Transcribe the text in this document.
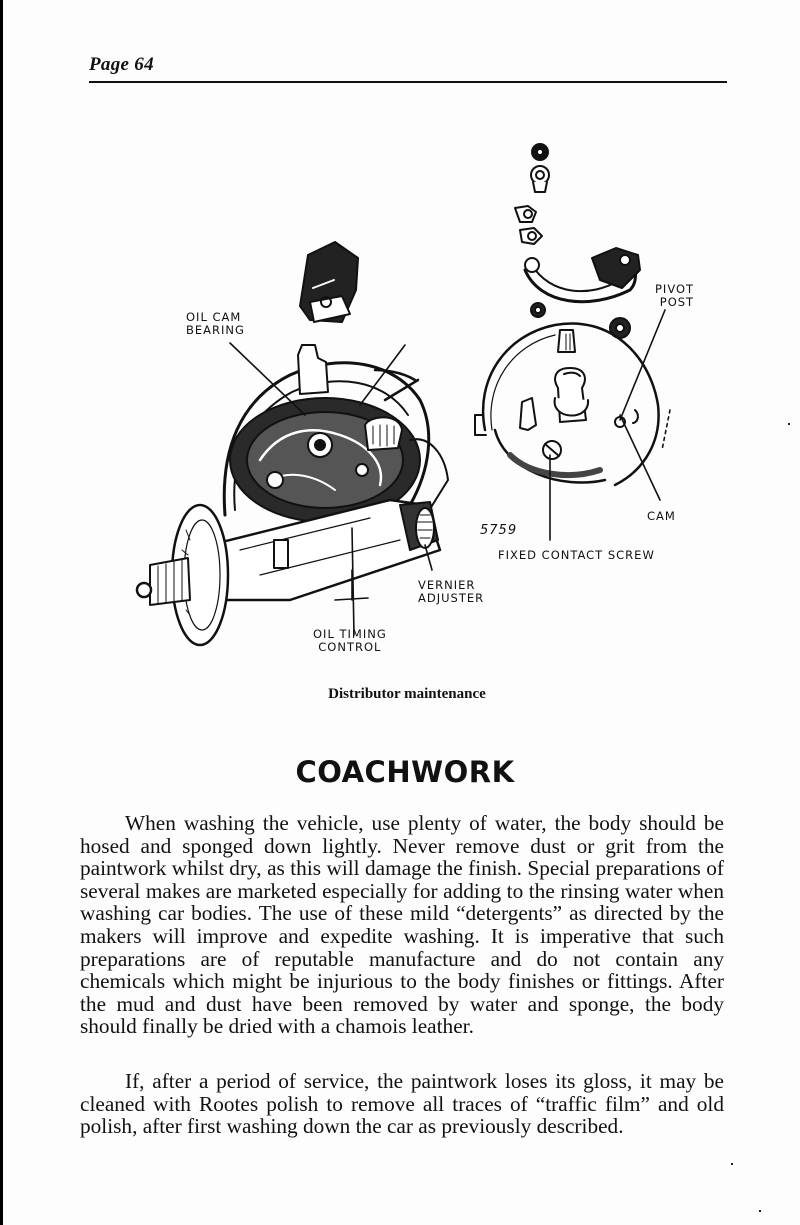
Page 64
OIL CAM
BEARING
PIVOT
POST
CAM
5759
FIXED CONTACT SCREW
VERNIER
ADJUSTER
OIL TIMING
CONTROL
Distributor maintenance
COACHWORK

When washing the vehicle, use plenty of water, the body should be hosed and sponged down lightly. Never remove dust or grit from the paintwork whilst dry, as this will damage the finish. Special preparations of several makes are marketed especially for adding to the rinsing water when washing car bodies. The use of these mild “detergents” as directed by the makers will improve and expedite washing. It is imperative that such preparations are of reputable manufacture and do not contain any chemicals which might be injurious to the body finishes or fittings. After the mud and dust have been removed by water and sponge, the body should finally be dried with a chamois leather.

If, after a period of service, the paintwork loses its gloss, it may be cleaned with Rootes polish to remove all traces of “traffic film” and old polish, after first washing down the car as previously described.
